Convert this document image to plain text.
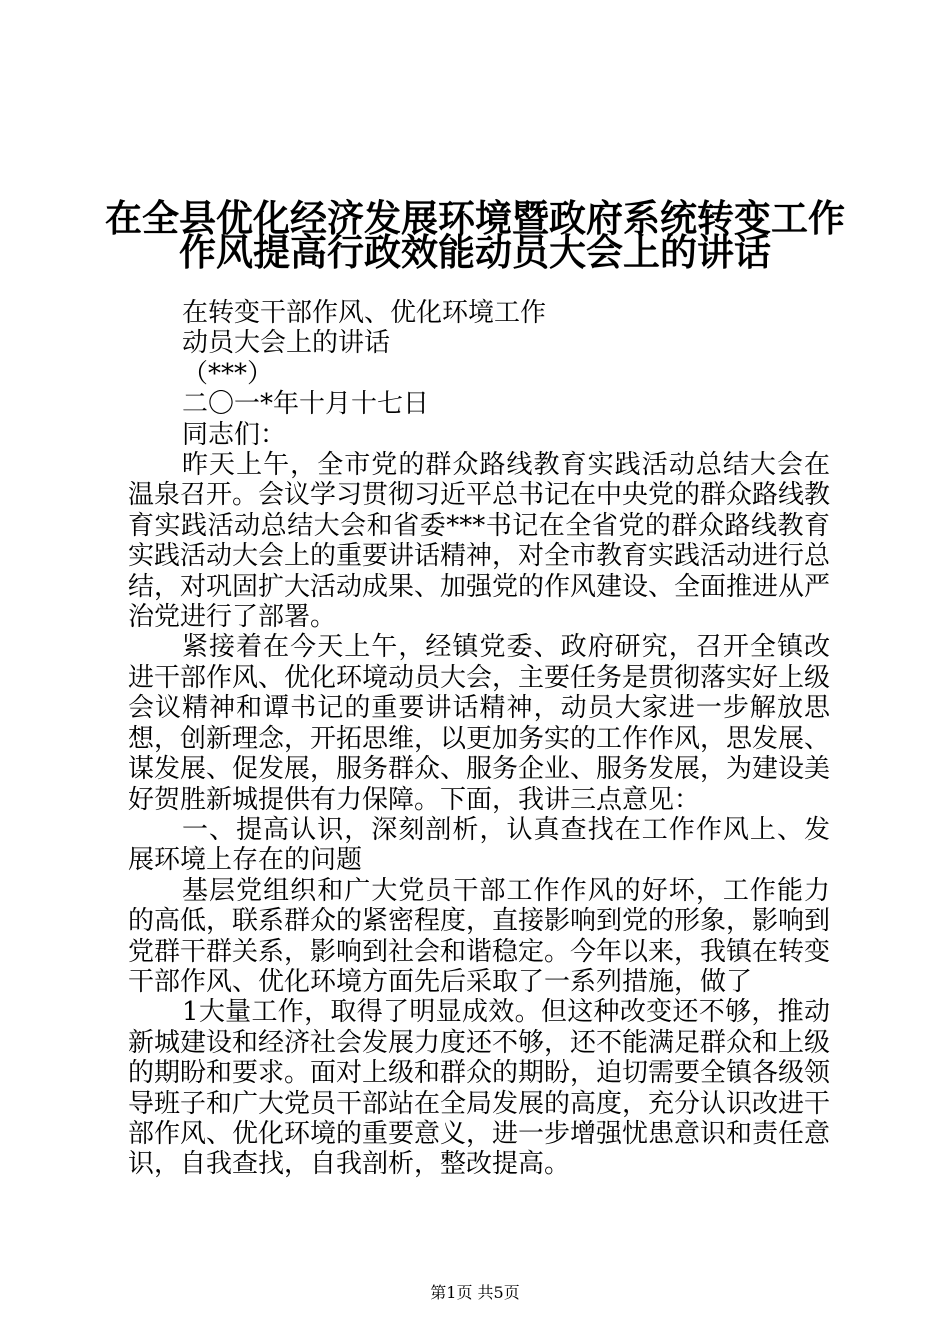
在全县优化经济发展环境暨政府系统转变工作
作风提高行政效能动员大会上的讲话
在转变干部作风、优化环境工作
动员大会上的讲话
（***）
二〇一*年十月十七日
同志们：

昨天上午，全市党的群众路线教育实践活动总结大会在温泉召开。会议学习贯彻习近平总书记在中央党的群众路线教育实践活动总结大会和省委***书记在全省党的群众路线教育实践活动大会上的重要讲话精神，对全市教育实践活动进行总结，对巩固扩大活动成果、加强党的作风建设、全面推进从严治党进行了部署。

紧接着在今天上午，经镇党委、政府研究，召开全镇改进干部作风、优化环境动员大会，主要任务是贯彻落实好上级会议精神和谭书记的重要讲话精神，动员大家进一步解放思想，创新理念，开拓思维，以更加务实的工作作风，思发展、谋发展、促发展，服务群众、服务企业、服务发展，为建设美好贺胜新城提供有力保障。下面，我讲三点意见：

一、提高认识，深刻剖析，认真查找在工作作风上、发展环境上存在的问题

基层党组织和广大党员干部工作作风的好坏，工作能力的高低，联系群众的紧密程度，直接影响到党的形象，影响到党群干群关系，影响到社会和谐稳定。今年以来，我镇在转变干部作风、优化环境方面先后采取了一系列措施，做了

1大量工作，取得了明显成效。但这种改变还不够，推动新城建设和经济社会发展力度还不够，还不能满足群众和上级的期盼和要求。面对上级和群众的期盼，迫切需要全镇各级领导班子和广大党员干部站在全局发展的高度，充分认识改进干部作风、优化环境的重要意义，进一步增强忧患意识和责任意识，自我查找，自我剖析，整改提高。

第1页 共5页
